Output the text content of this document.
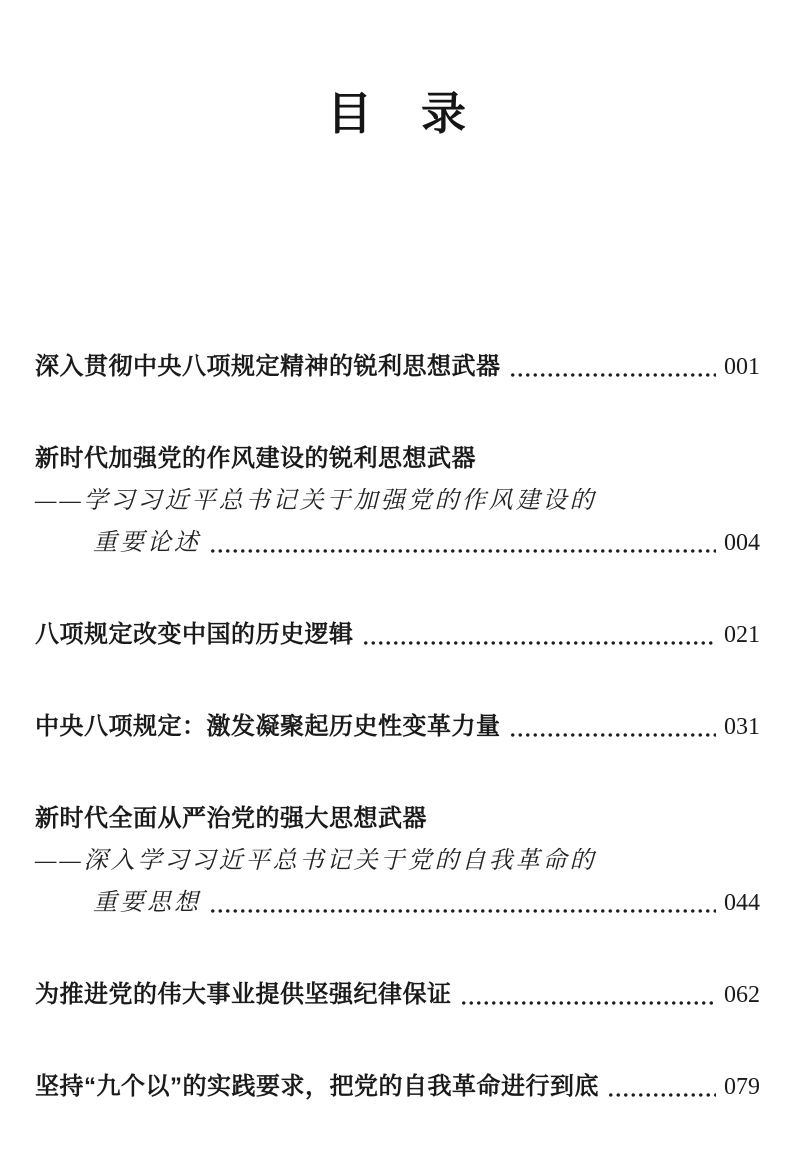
目　录
深入贯彻中央八项规定精神的锐利思想武器	001
新时代加强党的作风建设的锐利思想武器
——学习习近平总书记关于加强党的作风建设的
重要论述	004
八项规定改变中国的历史逻辑	021
中央八项规定：激发凝聚起历史性变革力量	031
新时代全面从严治党的强大思想武器
——深入学习习近平总书记关于党的自我革命的
重要思想	044
为推进党的伟大事业提供坚强纪律保证	062
坚持“九个以”的实践要求，把党的自我革命进行到底	079
